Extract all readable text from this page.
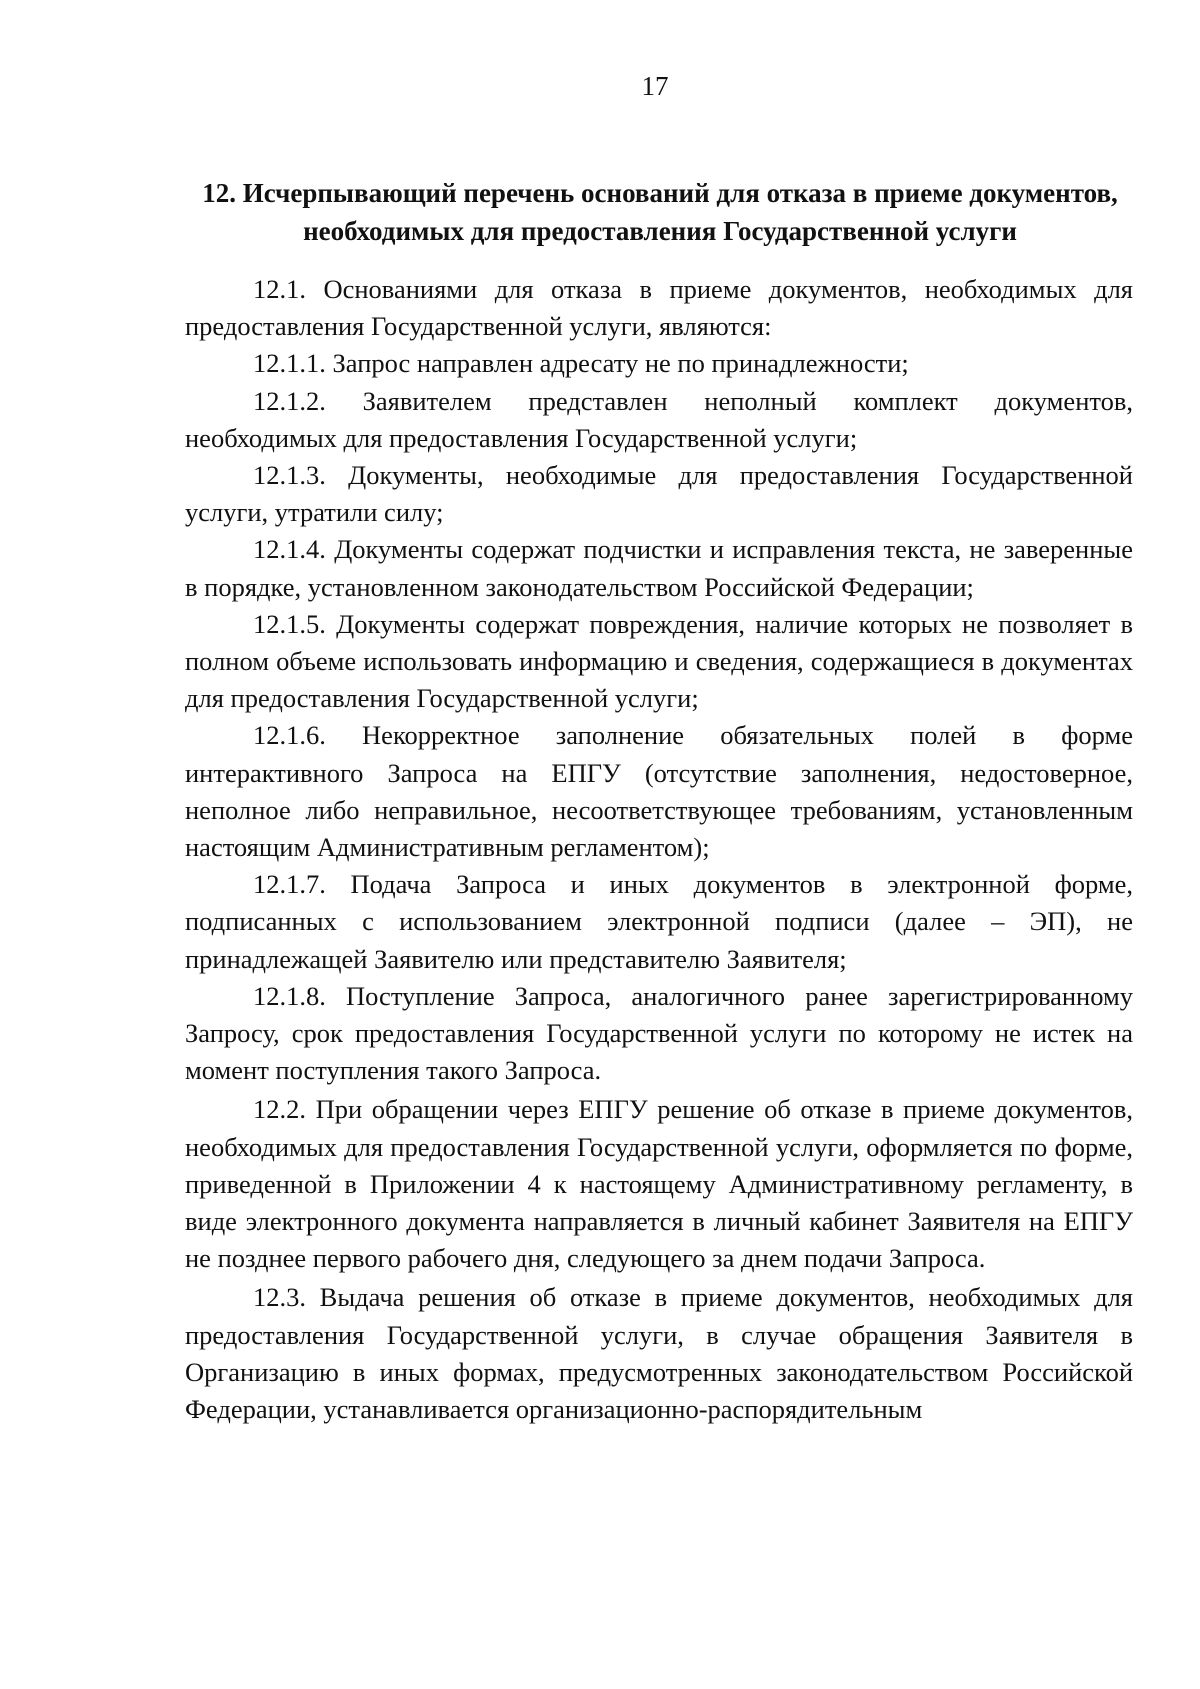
17
12. Исчерпывающий перечень оснований для отказа в приеме документов, необходимых для предоставления Государственной услуги

12.1. Основаниями для отказа в приеме документов, необходимых для предоставления Государственной услуги, являются:

12.1.1. Запрос направлен адресату не по принадлежности;

12.1.2. Заявителем представлен неполный комплект документов, необходимых для предоставления Государственной услуги;

12.1.3. Документы, необходимые для предоставления Государственной услуги, утратили силу;

12.1.4. Документы содержат подчистки и исправления текста, не заверенные в порядке, установленном законодательством Российской Федерации;

12.1.5. Документы содержат повреждения, наличие которых не позволяет в полном объеме использовать информацию и сведения, содержащиеся в документах для предоставления Государственной услуги;

12.1.6. Некорректное заполнение обязательных полей в форме интерактивного Запроса на ЕПГУ (отсутствие заполнения, недостоверное, неполное либо неправильное, несоответствующее требованиям, установленным настоящим Административным регламентом);

12.1.7. Подача Запроса и иных документов в электронной форме, подписанных с использованием электронной подписи (далее – ЭП), не принадлежащей Заявителю или представителю Заявителя;

12.1.8. Поступление Запроса, аналогичного ранее зарегистрированному Запросу, срок предоставления Государственной услуги по которому не истек на момент поступления такого Запроса.

12.2. При обращении через ЕПГУ решение об отказе в приеме документов, необходимых для предоставления Государственной услуги, оформляется по форме, приведенной в Приложении 4 к настоящему Административному регламенту, в виде электронного документа направляется в личный кабинет Заявителя на ЕПГУ не позднее первого рабочего дня, следующего за днем подачи Запроса.

12.3. Выдача решения об отказе в приеме документов, необходимых для предоставления Государственной услуги, в случае обращения Заявителя в Организацию в иных формах, предусмотренных законодательством Российской Федерации, устанавливается организационно-распорядительным
